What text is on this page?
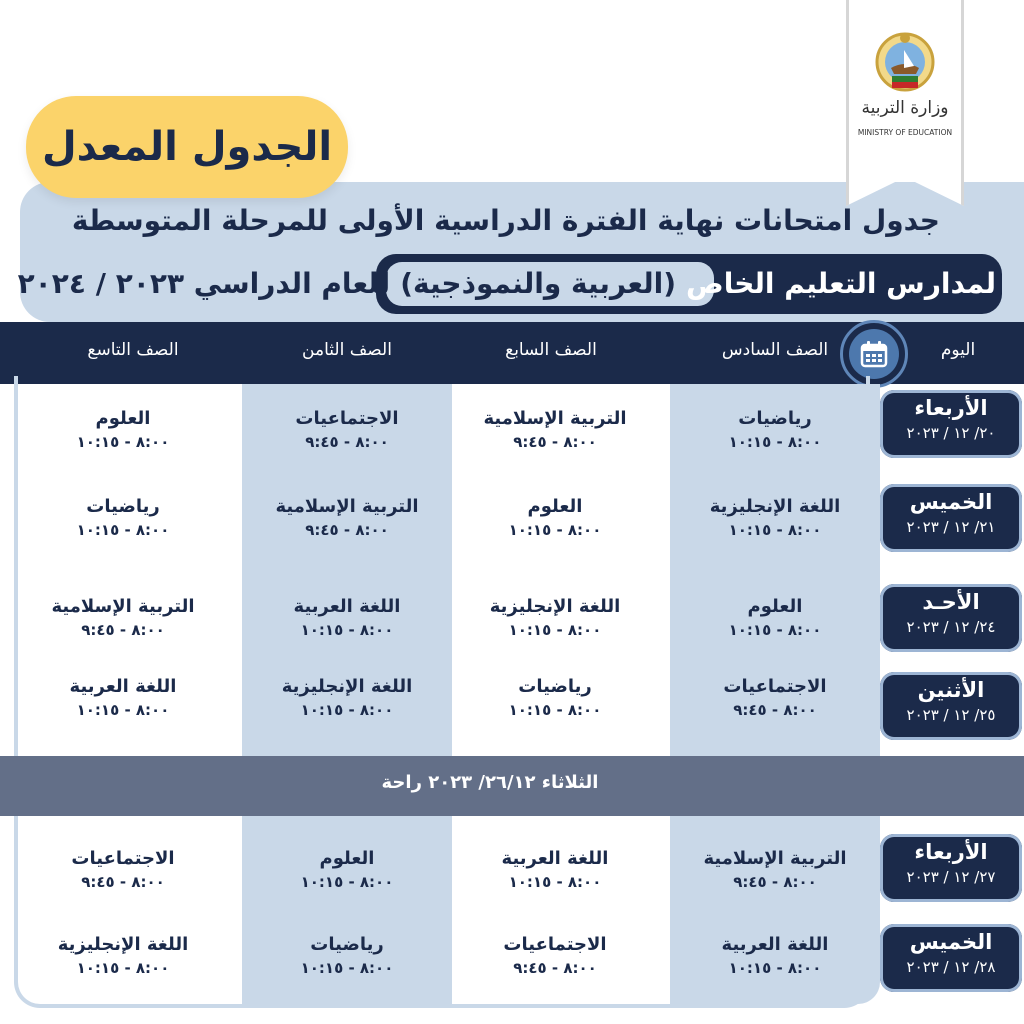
الجدول المعدل
جدول امتحانات نهاية الفترة الدراسية الأولى للمرحلة المتوسطة
لمدارس التعليم الخاص(العربية والنموذجية)للعام الدراسي ٢٠٢٣ / ٢٠٢٤
وزارة التربية
MINISTRY OF EDUCATION
اليوم
الصف السادس
الصف السابع
الصف الثامن
الصف التاسع
الثلاثاء ٢٦/١٢/ ٢٠٢٣ راحة
الأربعاء
٢٠/ ١٢ / ٢٠٢٣
رياضيات
٨:٠٠ - ١٠:١٥
التربية الإسلامية
٨:٠٠ - ٩:٤٥
الاجتماعيات
٨:٠٠ - ٩:٤٥
العلوم
٨:٠٠ - ١٠:١٥
الخميس
٢١/ ١٢ / ٢٠٢٣
اللغة الإنجليزية
٨:٠٠ - ١٠:١٥
العلوم
٨:٠٠ - ١٠:١٥
التربية الإسلامية
٨:٠٠ - ٩:٤٥
رياضيات
٨:٠٠ - ١٠:١٥
الأحـد
٢٤/ ١٢ / ٢٠٢٣
العلوم
٨:٠٠ - ١٠:١٥
اللغة الإنجليزية
٨:٠٠ - ١٠:١٥
اللغة العربية
٨:٠٠ - ١٠:١٥
التربية الإسلامية
٨:٠٠ - ٩:٤٥
الأثنين
٢٥/ ١٢ / ٢٠٢٣
الاجتماعيات
٨:٠٠ - ٩:٤٥
رياضيات
٨:٠٠ - ١٠:١٥
اللغة الإنجليزية
٨:٠٠ - ١٠:١٥
اللغة العربية
٨:٠٠ - ١٠:١٥
الأربعاء
٢٧/ ١٢ / ٢٠٢٣
التربية الإسلامية
٨:٠٠ - ٩:٤٥
اللغة العربية
٨:٠٠ - ١٠:١٥
العلوم
٨:٠٠ - ١٠:١٥
الاجتماعيات
٨:٠٠ - ٩:٤٥
الخميس
٢٨/ ١٢ / ٢٠٢٣
اللغة العربية
٨:٠٠ - ١٠:١٥
الاجتماعيات
٨:٠٠ - ٩:٤٥
رياضيات
٨:٠٠ - ١٠:١٥
اللغة الإنجليزية
٨:٠٠ - ١٠:١٥
